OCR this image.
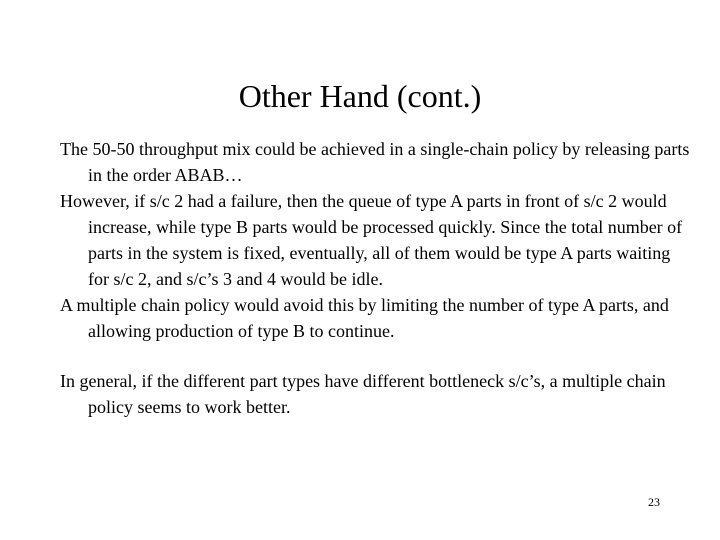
Other Hand (cont.)

The 50-50 throughput mix could be achieved in a single-chain policy by releasing parts in the order ABAB…

However, if s/c 2 had a failure, then the queue of type A parts in front of s/c 2 would increase, while type B parts would be processed quickly. Since the total number of parts in the system is fixed, eventually, all of them would be type A parts waiting for s/c 2, and s/c’s 3 and 4 would be idle.

A multiple chain policy would avoid this by limiting the number of type A parts, and allowing production of type B to continue.

In general, if the different part types have different bottleneck s/c’s, a multiple chain policy seems to work better.

23
